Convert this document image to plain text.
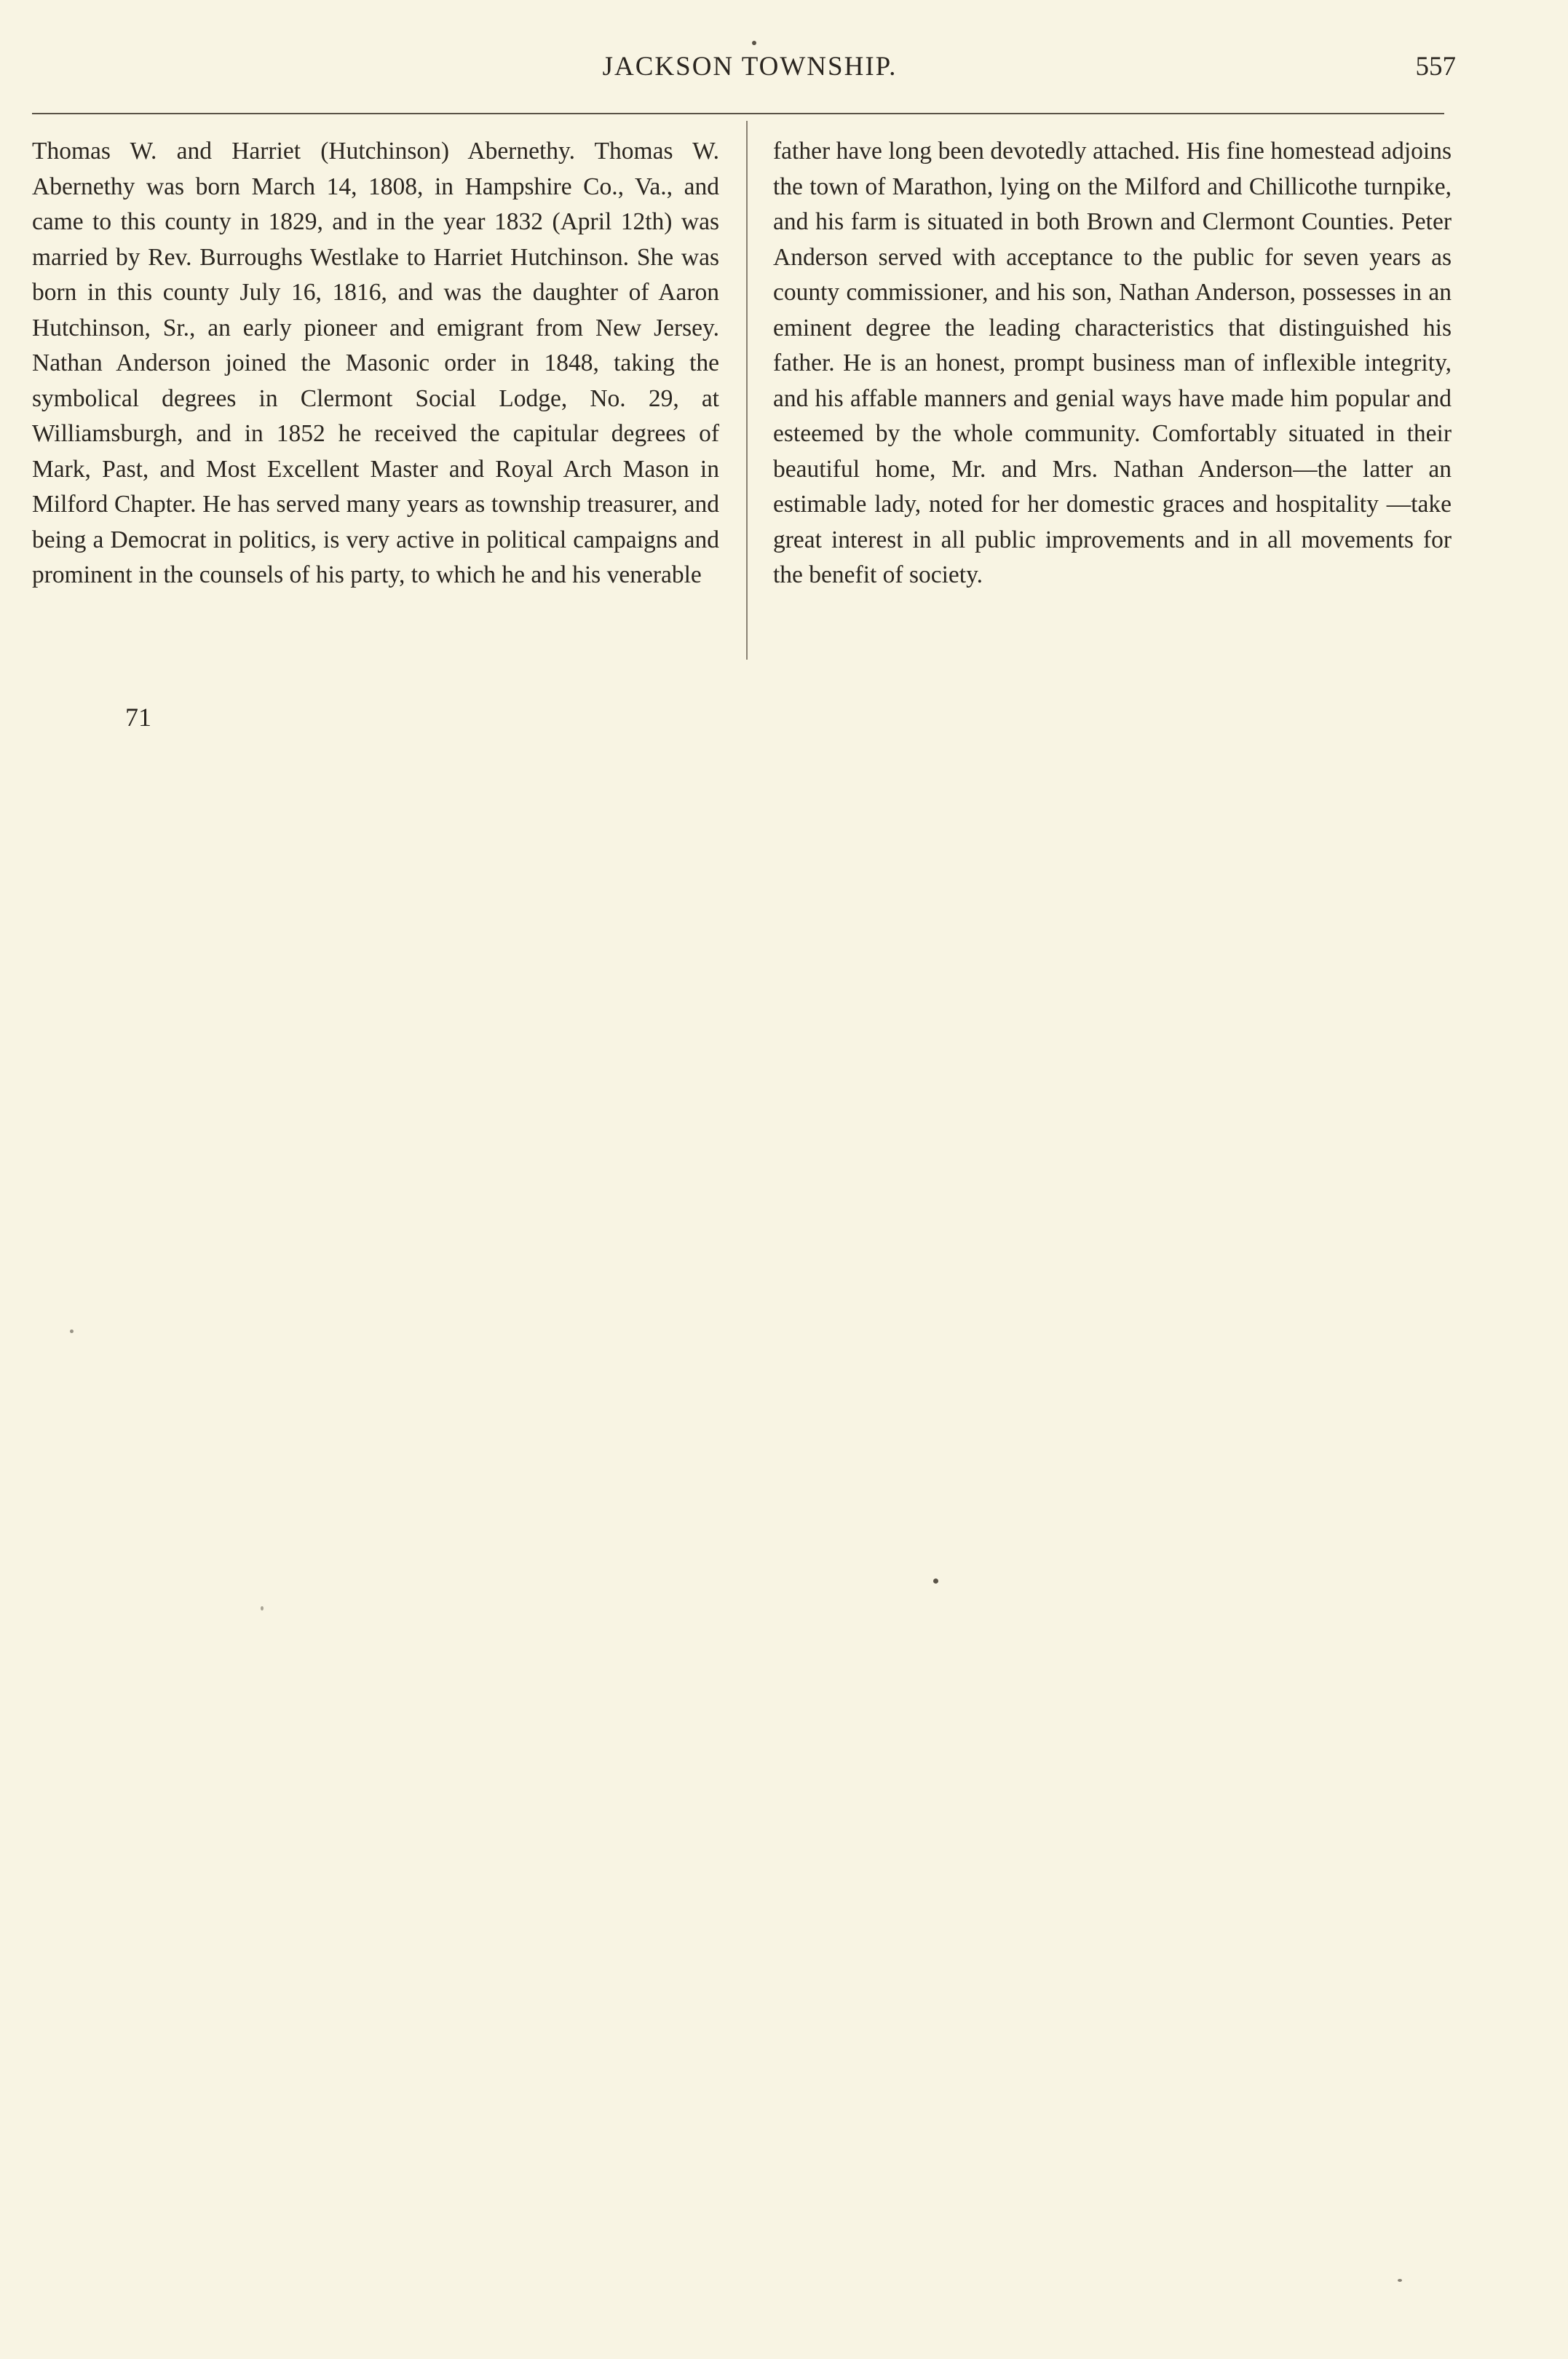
JACKSON TOWNSHIP.	557

Thomas W. and Harriet (Hutchinson) Abernethy. Thomas W. Abernethy was born March 14, 1808, in Hampshire Co., Va., and came to this county in 1829, and in the year 1832 (April 12th) was married by Rev. Burroughs Westlake to Harriet Hutchinson. She was born in this county July 16, 1816, and was the daughter of Aaron Hutchinson, Sr., an early pioneer and emigrant from New Jersey. Nathan Anderson joined the Masonic order in 1848, taking the symbolical degrees in Clermont Social Lodge, No. 29, at Williamsburgh, and in 1852 he received the capitular degrees of Mark, Past, and Most Excellent Master and Royal Arch Mason in Milford Chapter. He has served many years as township treasurer, and being a Democrat in politics, is very active in political campaigns and prominent in the counsels of his party, to which he and his venerable

father have long been devotedly attached. His fine homestead adjoins the town of Marathon, lying on the Milford and Chillicothe turnpike, and his farm is situated in both Brown and Clermont Counties. Peter Anderson served with acceptance to the public for seven years as county commissioner, and his son, Nathan Anderson, possesses in an eminent degree the leading characteristics that distinguished his father. He is an honest, prompt business man of inflexible integrity, and his affable manners and genial ways have made him popular and esteemed by the whole community. Comfortably situated in their beautiful home, Mr. and Mrs. Nathan Anderson—the latter an estimable lady, noted for her domestic graces and hospitality —take great interest in all public improvements and in all movements for the benefit of society.

71
